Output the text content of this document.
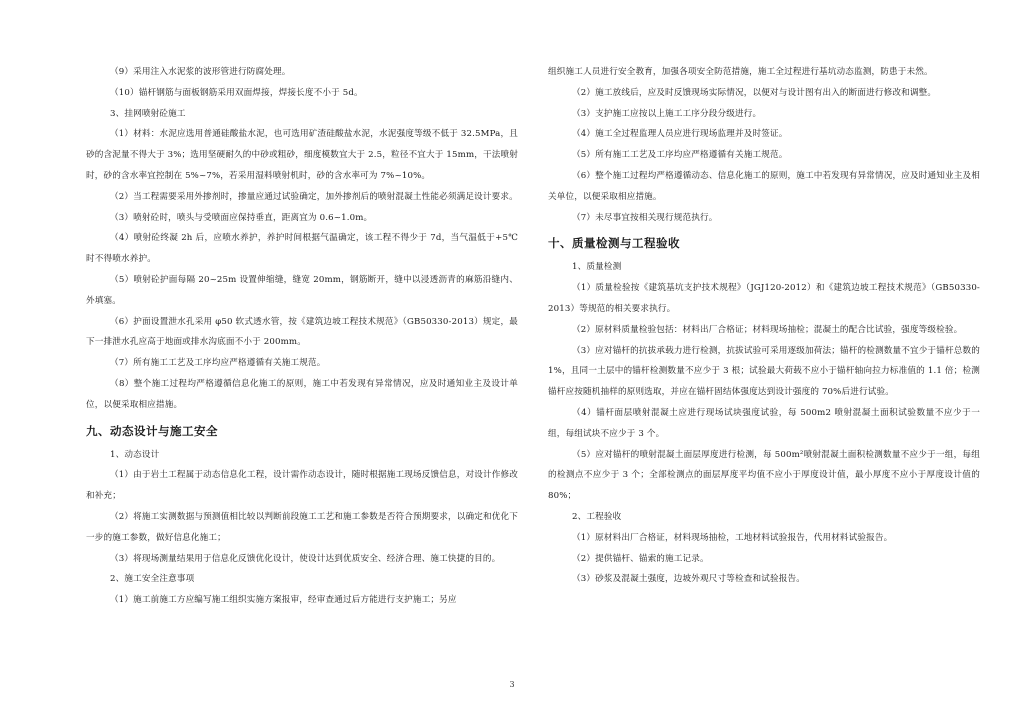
（9）采用注入水泥浆的波形管进行防腐处理。

（10）锚杆钢筋与面板钢筋采用双面焊接，焊接长度不小于 5d。

3、挂网喷射砼施工

（1）材料：水泥应选用普通硅酸盐水泥，也可选用矿渣硅酸盐水泥，水泥强度等级不低于 32.5MPa，且砂的含泥量不得大于 3%；选用坚硬耐久的中砂或粗砂，细度模数宜大于 2.5，粒径不宜大于 15mm，干法喷射时，砂的含水率宜控制在 5%~7%，若采用湿料喷射机时，砂的含水率可为 7%~10%。

（2）当工程需要采用外掺剂时，掺量应通过试验确定，加外掺剂后的喷射混凝土性能必须满足设计要求。

（3）喷射砼时，喷头与受喷面应保持垂直，距离宜为 0.6~1.0m。

（4）喷射砼终凝 2h 后，应喷水养护，养护时间根据气温确定，该工程不得少于 7d，当气温低于+5℃时不得喷水养护。

（5）喷射砼护面每隔 20~25m 设置伸缩缝，缝宽 20mm，钢筋断开，缝中以浸透沥青的麻筋沿缝内、外填塞。

（6）护面设置泄水孔采用 φ50 软式透水管，按《建筑边坡工程技术规范》（GB50330-2013）规定，最下一排泄水孔应高于地面或排水沟底面不小于 200mm。

（7）所有施工工艺及工序均应严格遵循有关施工规范。

（8）整个施工过程均严格遵循信息化施工的原则，施工中若发现有异常情况，应及时通知业主及设计单位，以便采取相应措施。

九、动态设计与施工安全

1、动态设计

（1）由于岩土工程属于动态信息化工程，设计需作动态设计，随时根据施工现场反馈信息，对设计作修改和补充；

（2）将施工实测数据与预测值相比较以判断前段施工工艺和施工参数是否符合预期要求，以确定和优化下一步的施工参数，做好信息化施工；

（3）将现场测量结果用于信息化反馈优化设计，使设计达到优质安全、经济合理、施工快捷的目的。

2、施工安全注意事项

（1）施工前施工方应编写施工组织实施方案报审，经审查通过后方能进行支护施工；另应

组织施工人员进行安全教育，加强各项安全防范措施，施工全过程进行基坑动态监测，防患于未然。

（2）施工放线后，应及时反馈现场实际情况，以便对与设计图有出入的断面进行修改和调整。

（3）支护施工应按以上施工工序分段分级进行。

（4）施工全过程监理人员应进行现场监理并及时签证。

（5）所有施工工艺及工序均应严格遵循有关施工规范。

（6）整个施工过程均严格遵循动态、信息化施工的原则，施工中若发现有异常情况，应及时通知业主及相关单位，以便采取相应措施。

（7）未尽事宜按相关现行规范执行。

十、质量检测与工程验收

1、质量检测

（1）质量检验按《建筑基坑支护技术规程》（JGJ120-2012）和《建筑边坡工程技术规范》（GB50330-2013）等规范的相关要求执行。

（2）原材料质量检验包括：材料出厂合格证；材料现场抽检；混凝土的配合比试验，强度等级检验。

（3）应对锚杆的抗拔承载力进行检测，抗拔试验可采用逐级加荷法；锚杆的检测数量不宜少于锚杆总数的 1%，且同一土层中的锚杆检测数量不应少于 3 根；试验最大荷载不应小于锚杆轴向拉力标准值的 1.1 倍；检测锚杆应按随机抽样的原则选取，并应在锚杆固结体强度达到设计强度的 70%后进行试验。

（4）锚杆面层喷射混凝土应进行现场试块强度试验，每 500m2 喷射混凝土面积试验数量不应少于一组，每组试块不应少于 3 个。

（5）应对锚杆的喷射混凝土面层厚度进行检测，每 500m²喷射混凝土面积检测数量不应少于一组，每组的检测点不应少于 3 个；全部检测点的面层厚度平均值不应小于厚度设计值，最小厚度不应小于厚度设计值的 80%；

2、工程验收

（1）原材料出厂合格证，材料现场抽检，工地材料试验报告，代用材料试验报告。

（2）提供锚杆、锚索的施工记录。

（3）砂浆及混凝土强度，边坡外观尺寸等检查和试验报告。

3
